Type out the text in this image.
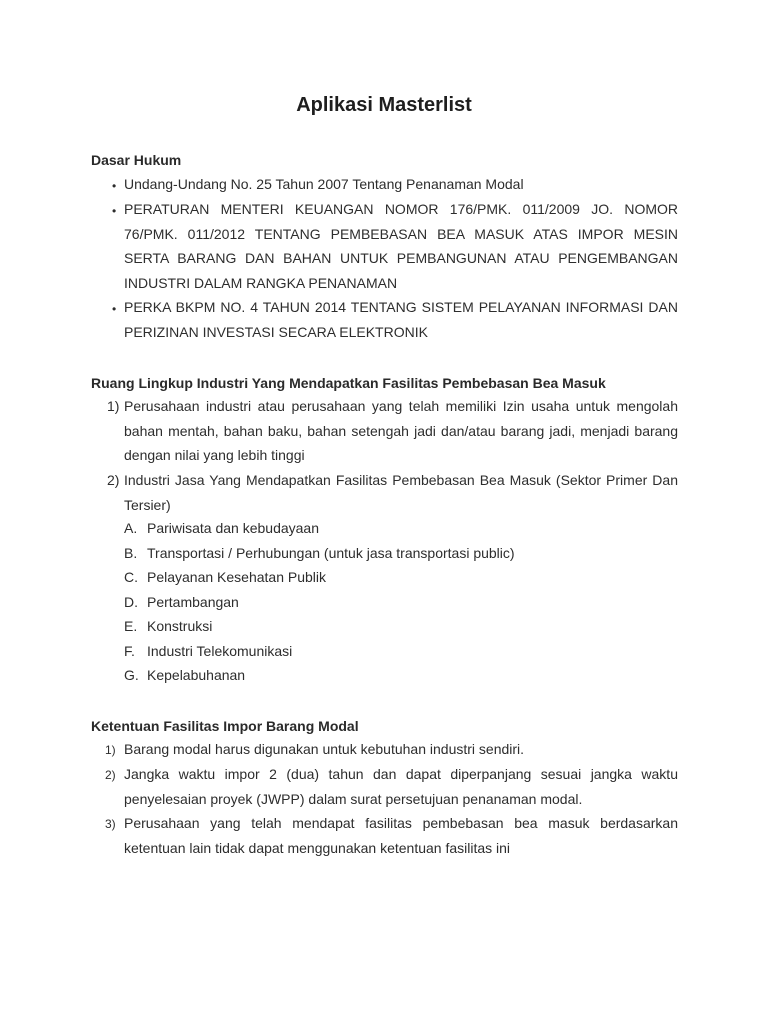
Aplikasi Masterlist
Dasar Hukum
• Undang-Undang No. 25 Tahun 2007 Tentang Penanaman Modal

• PERATURAN MENTERI KEUANGAN NOMOR 176/PMK. 011/2009 JO. NOMOR 76/PMK. 011/2012 TENTANG PEMBEBASAN BEA MASUK ATAS IMPOR MESIN SERTA BARANG DAN BAHAN UNTUK PEMBANGUNAN ATAU PENGEMBANGAN INDUSTRI DALAM RANGKA PENANAMAN

• PERKA BKPM NO. 4 TAHUN 2014 TENTANG SISTEM PELAYANAN INFORMASI DAN PERIZINAN INVESTASI SECARA ELEKTRONIK

Ruang Lingkup Industri Yang Mendapatkan Fasilitas Pembebasan Bea Masuk
1) Perusahaan industri atau perusahaan yang telah memiliki Izin usaha untuk mengolah bahan mentah, bahan baku, bahan setengah jadi dan/atau barang jadi, menjadi barang dengan nilai yang lebih tinggi

2) Industri Jasa Yang Mendapatkan Fasilitas Pembebasan Bea Masuk (Sektor Primer Dan Tersier)

A. Pariwisata dan kebudayaan

B. Transportasi / Perhubungan (untuk jasa transportasi public)

C. Pelayanan Kesehatan Publik

D. Pertambangan

E. Konstruksi

F. Industri Telekomunikasi

G. Kepelabuhanan

Ketentuan Fasilitas Impor Barang Modal
1) Barang modal harus digunakan untuk kebutuhan industri sendiri.

2) Jangka waktu impor 2 (dua) tahun dan dapat diperpanjang sesuai jangka waktu penyelesaian proyek (JWPP) dalam surat persetujuan penanaman modal.

3) Perusahaan yang telah mendapat fasilitas pembebasan bea masuk berdasarkan ketentuan lain tidak dapat menggunakan ketentuan fasilitas ini
